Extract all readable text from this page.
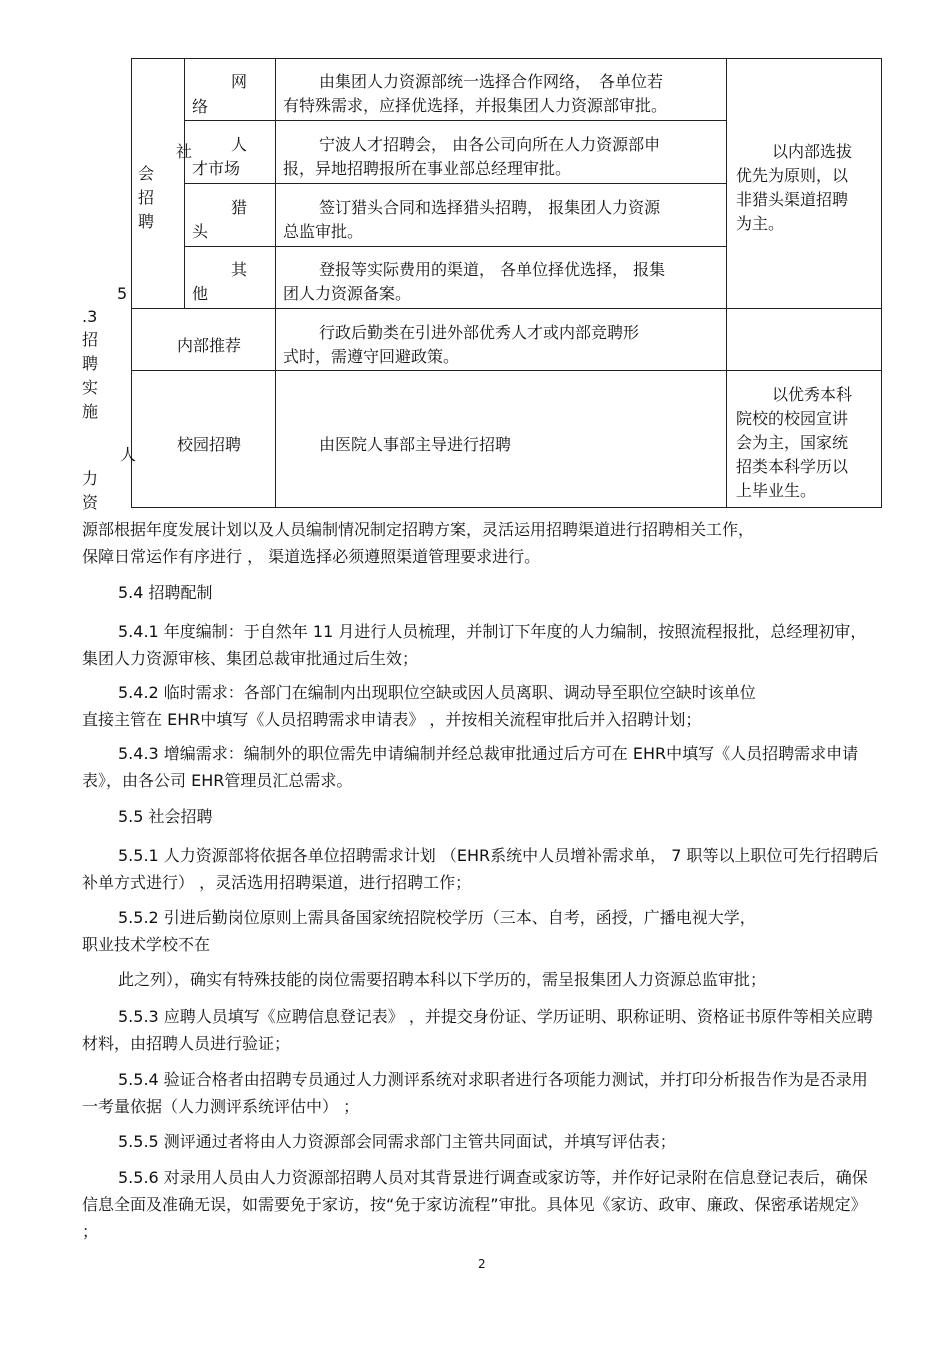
5
.3
招聘实施
人
力资
社
会招聘
网
络
由集团人力资源部统一选择合作网络，　各单位若
有特殊需求，应择优选择，并报集团人力资源部审批。
人
才市场
宁波人才招聘会， 由各公司向所在人力资源部申
报，异地招聘报所在事业部总经理审批。
猎
头
签订猎头合同和选择猎头招聘， 报集团人力资源
总监审批。
其
他
登报等实际费用的渠道， 各单位择优选择， 报集
团人力资源备案。
以内部选拔
优先为原则，以
非猎头渠道招聘
为主。
内部推荐
行政后勤类在引进外部优秀人才或内部竞聘形
式时，需遵守回避政策。
校园招聘	由医院人事部主导进行招聘
以优秀本科
院校的校园宣讲
会为主，国家统
招类本科学历以
上毕业生。
源部根据年度发展计划以及人员编制情况制定招聘方案，灵活运用招聘渠道进行招聘相关工作，
保障日常运作有序进行 ， 渠道选择必须遵照渠道管理要求进行。
5.4 招聘配制
5.4.1 年度编制：于自然年 11 月进行人员梳理，并制订下年度的人力编制，按照流程报批，总经理初审，集团人力资源审核、集团总裁审批通过后生效；
5.4.2 临时需求：各部门在编制内出现职位空缺或因人员离职、调动导至职位空缺时该单位
直接主管在 EHR中填写《人员招聘需求申请表》 ，并按相关流程审批后并入招聘计划；
5.4.3 增编需求：编制外的职位需先申请编制并经总裁审批通过后方可在 EHR中填写《人员招聘需求申请表》，由各公司 EHR管理员汇总需求。
5.5 社会招聘
5.5.1 人力资源部将依据各单位招聘需求计划 （EHR系统中人员增补需求单， 7 职等以上职位可先行招聘后补单方式进行） ，灵活选用招聘渠道，进行招聘工作；
5.5.2 引进后勤岗位原则上需具备国家统招院校学历（三本、自考，函授，广播电视大学，
职业技术学校不在
此之列），确实有特殊技能的岗位需要招聘本科以下学历的，需呈报集团人力资源总监审批；
5.5.3 应聘人员填写《应聘信息登记表》 ，并提交身份证、学历证明、职称证明、资格证书原件等相关应聘材料，由招聘人员进行验证；
5.5.4 验证合格者由招聘专员通过人力测评系统对求职者进行各项能力测试，并打印分析报告作为是否录用一考量依据（人力测评系统评估中） ；
5.5.5 测评通过者将由人力资源部会同需求部门主管共同面试，并填写评估表；
5.5.6 对录用人员由人力资源部招聘人员对其背景进行调查或家访等，并作好记录附在信息登记表后，确保信息全面及准确无误，如需要免于家访，按“免于家访流程”审批。具体见《家访、政审、廉政、保密承诺规定》 ；
2
